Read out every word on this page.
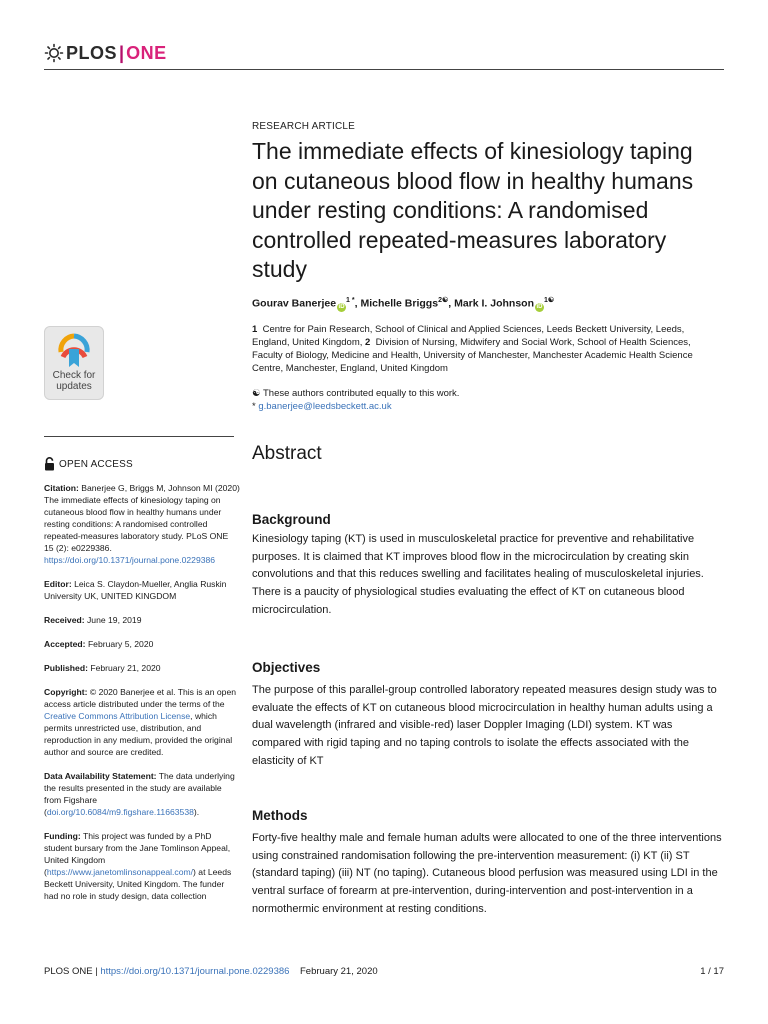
PLOS | ONE
RESEARCH ARTICLE
The immediate effects of kinesiology taping on cutaneous blood flow in healthy humans under resting conditions: A randomised controlled repeated-measures laboratory study
Gourav Banerjee $iD^{1 *}$, Michelle Briggs$^{2☯}$, Mark I. Johnson $iD^{1☯}$
1 Centre for Pain Research, School of Clinical and Applied Sciences, Leeds Beckett University, Leeds, England, United Kingdom, 2 Division of Nursing, Midwifery and Social Work, School of Health Sciences, Faculty of Biology, Medicine and Health, University of Manchester, Manchester Academic Health Science Centre, Manchester, England, United Kingdom
☯ These authors contributed equally to this work.
* g.banerjee@leedsbeckett.ac.uk
Check for
updates
OPEN ACCESS

Citation: Banerjee G, Briggs M, Johnson MI (2020) The immediate effects of kinesiology taping on cutaneous blood flow in healthy humans under resting conditions: A randomised controlled repeated-measures laboratory study. PLoS ONE 15 (2): e0229386. https://doi.org/10.1371/journal.pone.0229386

Editor: Leica S. Claydon-Mueller, Anglia Ruskin University UK, UNITED KINGDOM

Received: June 19, 2019

Accepted: February 5, 2020

Published: February 21, 2020

Copyright: © 2020 Banerjee et al. This is an open access article distributed under the terms of the Creative Commons Attribution License, which permits unrestricted use, distribution, and reproduction in any medium, provided the original author and source are credited.

Data Availability Statement: The data underlying the results presented in the study are available from Figshare (doi.org/10.6084/m9.figshare.11663538).

Funding: This project was funded by a PhD student bursary from the Jane Tomlinson Appeal, United Kingdom (https://www.janetomlinsonappeal.com/) at Leeds Beckett University, United Kingdom. The funder had no role in study design, data collection

Abstract
Background
Kinesiology taping (KT) is used in musculoskeletal practice for preventive and rehabilitative purposes. It is claimed that KT improves blood flow in the microcirculation by creating skin convolutions and that this reduces swelling and facilitates healing of musculoskeletal injuries. There is a paucity of physiological studies evaluating the effect of KT on cutaneous blood microcirculation.
Objectives
The purpose of this parallel-group controlled laboratory repeated measures design study was to evaluate the effects of KT on cutaneous blood microcirculation in healthy human adults using a dual wavelength (infrared and visible-red) laser Doppler Imaging (LDI) system. KT was compared with rigid taping and no taping controls to isolate the effects associated with the elasticity of KT
Methods
Forty-five healthy male and female human adults were allocated to one of the three interventions using constrained randomisation following the pre-intervention measurement: (i) KT (ii) ST (standard taping) (iii) NT (no taping). Cutaneous blood perfusion was measured using LDI in the ventral surface of forearm at pre-intervention, during-intervention and post-intervention in a normothermic environment at resting conditions.
PLOS ONE | https://doi.org/10.1371/journal.pone.0229386 February 21, 2020	1 / 17
